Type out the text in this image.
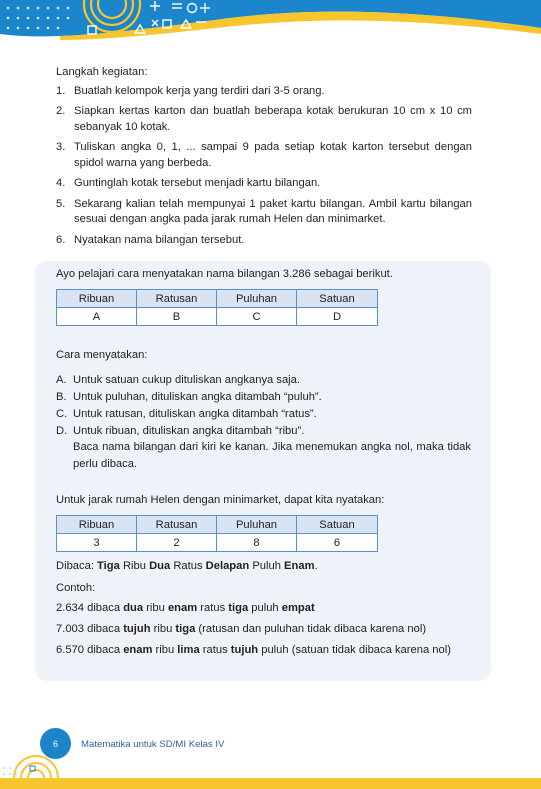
Langkah kegiatan:
1. Buatlah kelompok kerja yang terdiri dari 3-5 orang.
2. Siapkan kertas karton dan buatlah beberapa kotak berukuran 10 cm x 10 cm sebanyak 10 kotak.
3. Tuliskan angka 0, 1, ... sampai 9 pada setiap kotak karton tersebut dengan spidol warna yang berbeda.
4. Guntinglah kotak tersebut menjadi kartu bilangan.
5. Sekarang kalian telah mempunyai 1 paket kartu bilangan. Ambil kartu bilangan sesuai dengan angka pada jarak rumah Helen dan minimarket.
6. Nyatakan nama bilangan tersebut.
Ayo pelajari cara menyatakan nama bilangan 3.286 sebagai berikut.
Ribuan	Ratusan	Puluhan	Satuan
A	B	C	D
Cara menyatakan:
A. Untuk satuan cukup dituliskan angkanya saja.
B. Untuk puluhan, dituliskan angka ditambah “puluh”.
C. Untuk ratusan, dituliskan angka ditambah “ratus”.
D. Untuk ribuan, dituliskan angka ditambah “ribu”.
Baca nama bilangan dari kiri ke kanan. Jika menemukan angka nol, maka tidak perlu dibaca.
Untuk jarak rumah Helen dengan minimarket, dapat kita nyatakan:
Ribuan	Ratusan	Puluhan	Satuan
3	2	8	6
Dibaca: Tiga Ribu Dua Ratus Delapan Puluh Enam.
Contoh:
2.634 dibaca dua ribu enam ratus tiga puluh empat
7.003 dibaca tujuh ribu tiga (ratusan dan puluhan tidak dibaca karena nol)
6.570 dibaca enam ribu lima ratus tujuh puluh (satuan tidak dibaca karena nol)
6	Matematika untuk SD/MI Kelas IV
